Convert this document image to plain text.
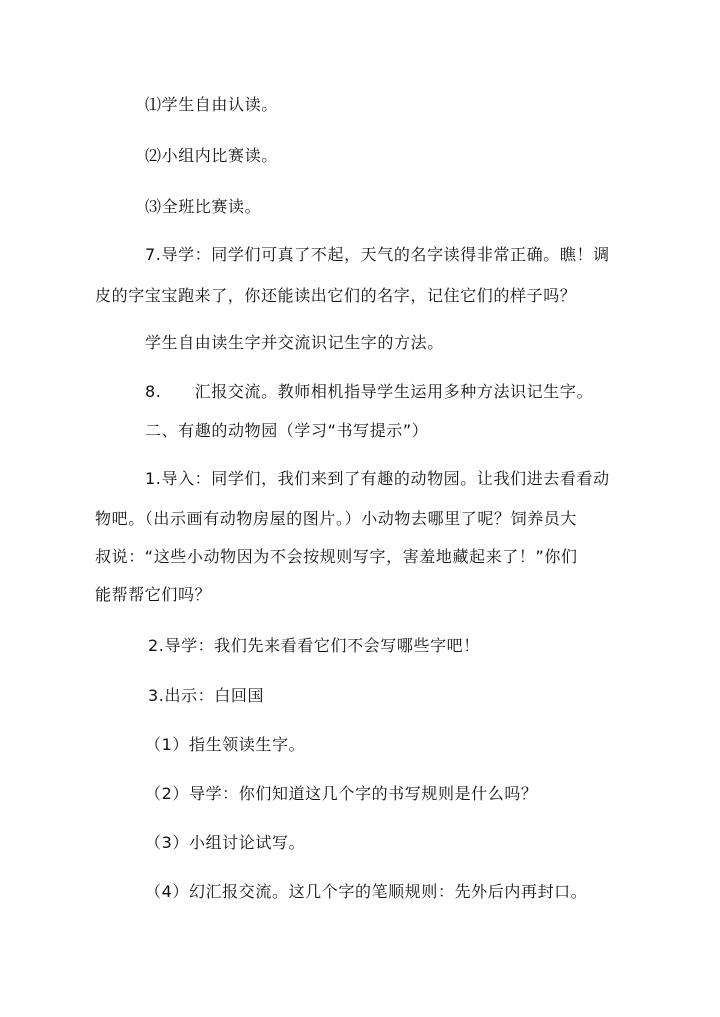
⑴学生自由认读。
⑵小组内比赛读。
⑶全班比赛读。
7.导学：同学们可真了不起，天气的名字读得非常正确。瞧！调
皮的字宝宝跑来了，你还能读出它们的名字，记住它们的样子吗？
学生自由读生字并交流识记生字的方法。
8.　　汇报交流。教师相机指导学生运用多种方法识记生字。
二、有趣的动物园（学习“书写提示”）
1.导入：同学们，我们来到了有趣的动物园。让我们进去看看动
物吧。（出示画有动物房屋的图片。）小动物去哪里了呢？饲养员大
叔说：“这些小动物因为不会按规则写字，害羞地藏起来了！”你们
能帮帮它们吗？
2.导学：我们先来看看它们不会写哪些字吧！
3.出示：白回国
（1）指生领读生字。
（2）导学：你们知道这几个字的书写规则是什么吗？
（3）小组讨论试写。
（4）幻汇报交流。这几个字的笔顺规则：先外后内再封口。
